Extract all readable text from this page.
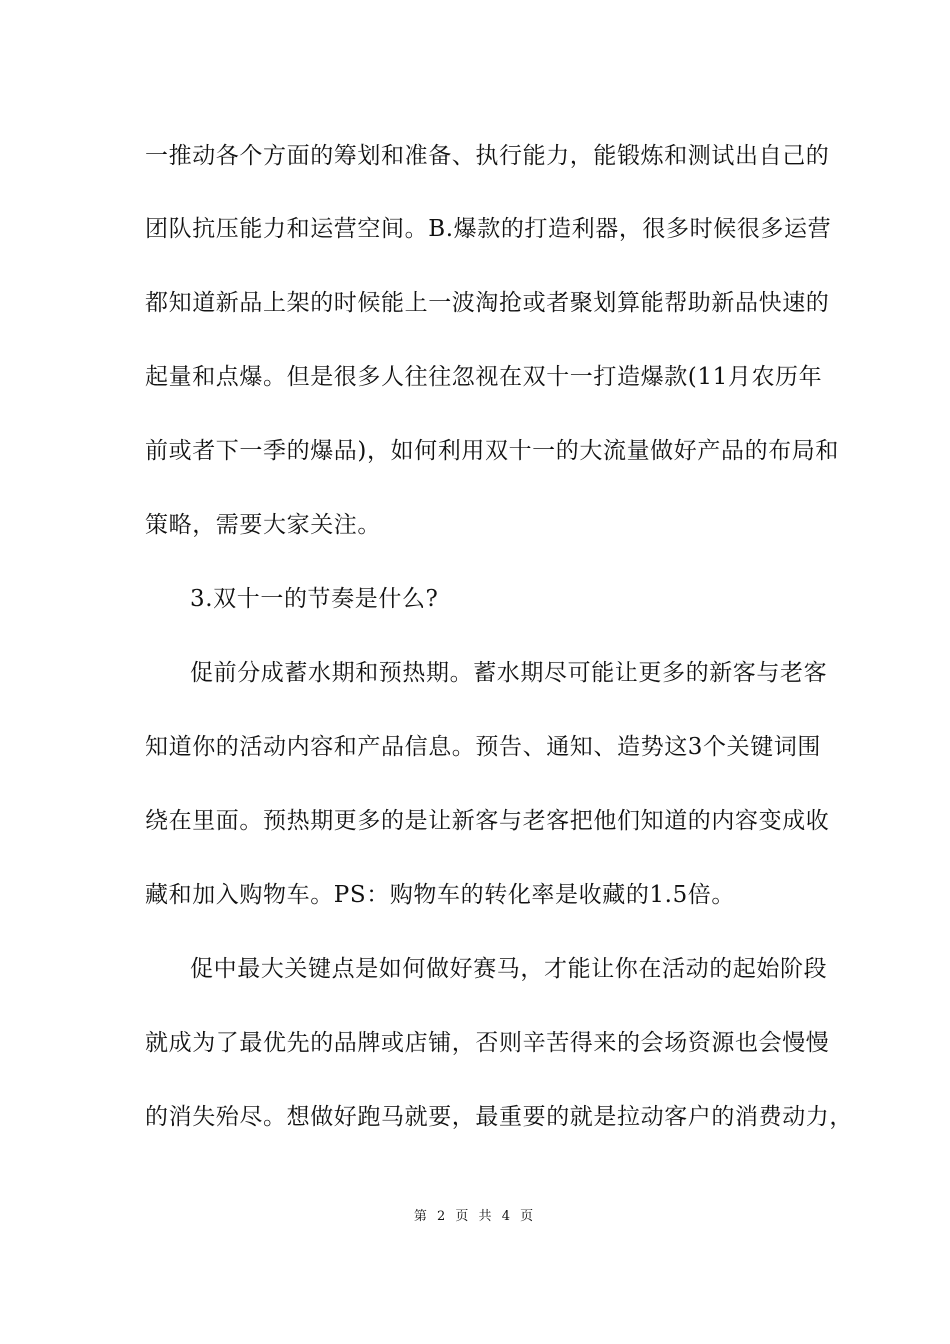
一推动各个方面的筹划和准备、执行能力，能锻炼和测试出自己的
团队抗压能力和运营空间。B.爆款的打造利器，很多时候很多运营
都知道新品上架的时候能上一波淘抢或者聚划算能帮助新品快速的
起量和点爆。但是很多人往往忽视在双十一打造爆款(11月农历年
前或者下一季的爆品)，如何利用双十一的大流量做好产品的布局和
策略，需要大家关注。
3.双十一的节奏是什么?
促前分成蓄水期和预热期。蓄水期尽可能让更多的新客与老客
知道你的活动内容和产品信息。预告、通知、造势这3个关键词围
绕在里面。预热期更多的是让新客与老客把他们知道的内容变成收
藏和加入购物车。PS：购物车的转化率是收藏的1.5倍。
促中最大关键点是如何做好赛马，才能让你在活动的起始阶段
就成为了最优先的品牌或店铺，否则辛苦得来的会场资源也会慢慢
的消失殆尽。想做好跑马就要，最重要的就是拉动客户的消费动力，
第 2 页 共 4 页
